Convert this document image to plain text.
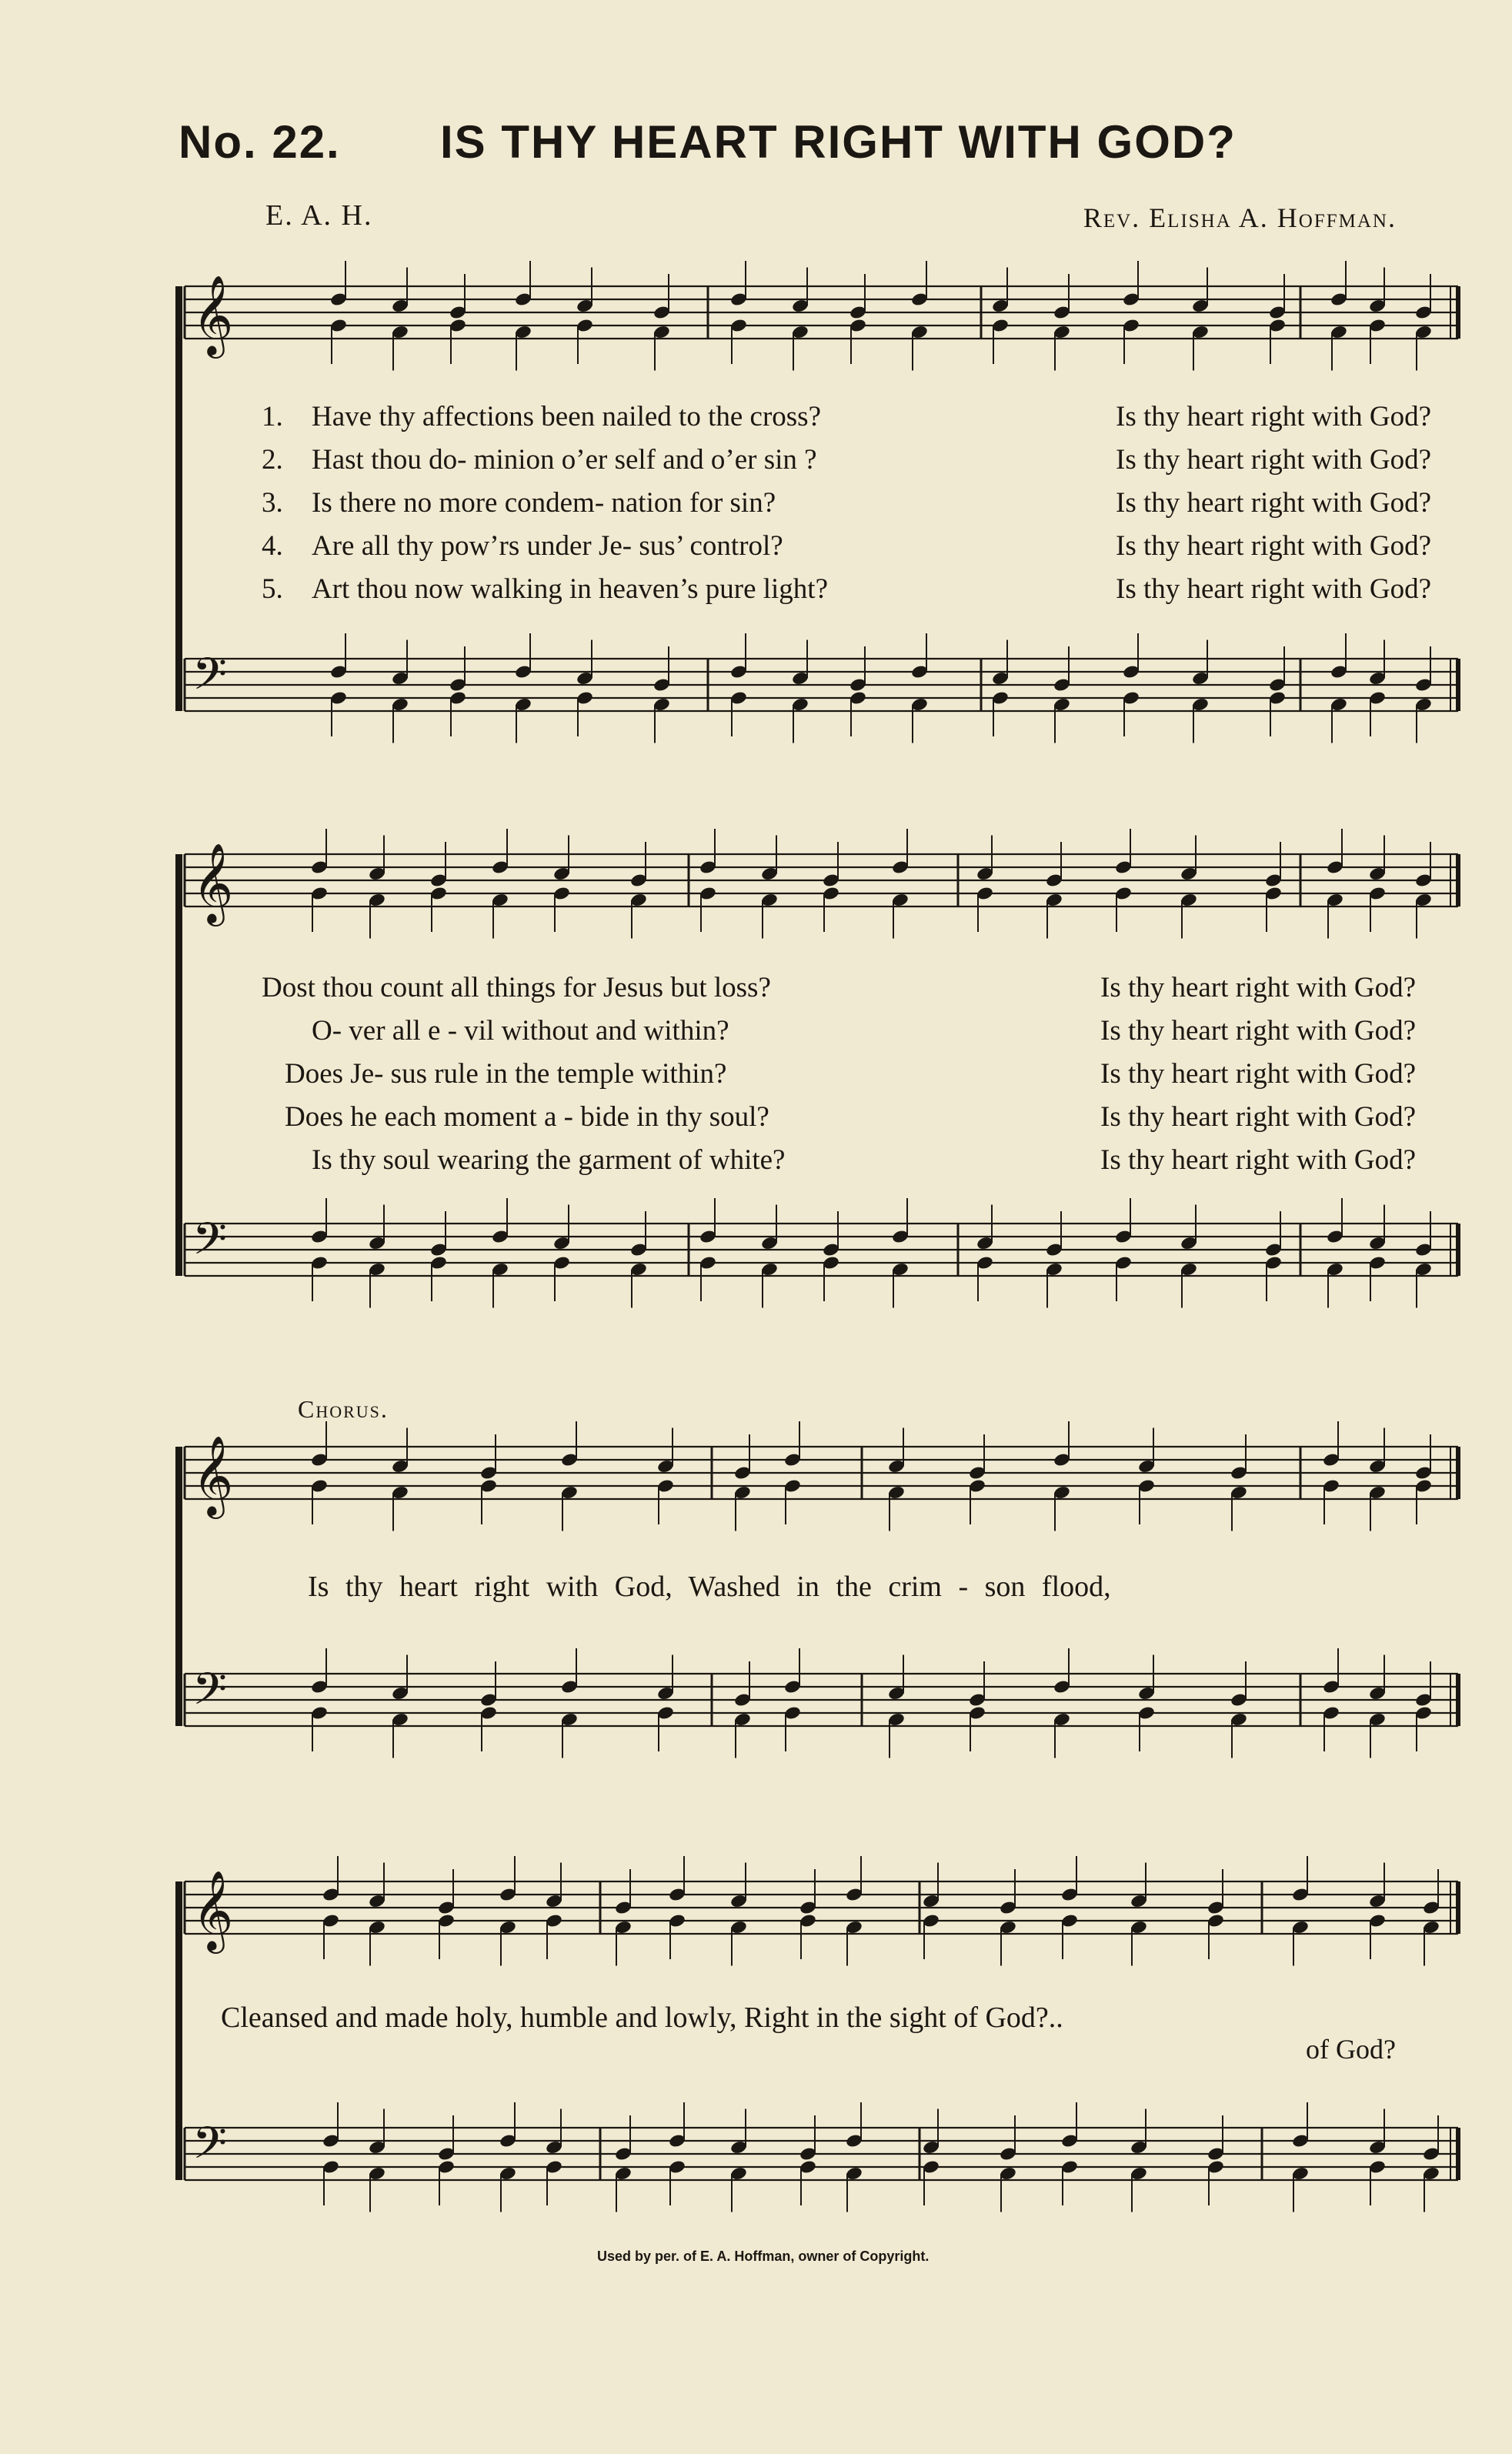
No. 22. IS THY HEART RIGHT WITH GOD?
E. A. H.	Rev. Elisha A. Hoffman.
𝄞
𝄢
𝄞
𝄢
𝄞
𝄢
𝄞
𝄢
1.	Have thy affections been nailed to the cross?	Is thy heart right with God?
2.	Hast thou do- minion o’er self and o’er sin ?	Is thy heart right with God?
3.	Is there no more condem- nation for sin?	Is thy heart right with God?
4.	Are all thy pow’rs under Je- sus’ control?	Is thy heart right with God?
5.	Art thou now walking in heaven’s pure light?	Is thy heart right with God?
Dost thou count all things for Jesus but loss?	Is thy heart right with God?
O- ver all e - vil without and within?	Is thy heart right with God?
Does Je- sus rule in the temple within?	Is thy heart right with God?
Does he each moment a - bide in thy soul?	Is thy heart right with God?
Is thy soul wearing the garment of white?	Is thy heart right with God?
Chorus.
Is thy heart right with God, Washed in the crim - son flood,
Cleansed and made holy, humble and lowly, Right in the sight of God?..
of God?
Used by per. of E. A. Hoffman, owner of Copyright.
